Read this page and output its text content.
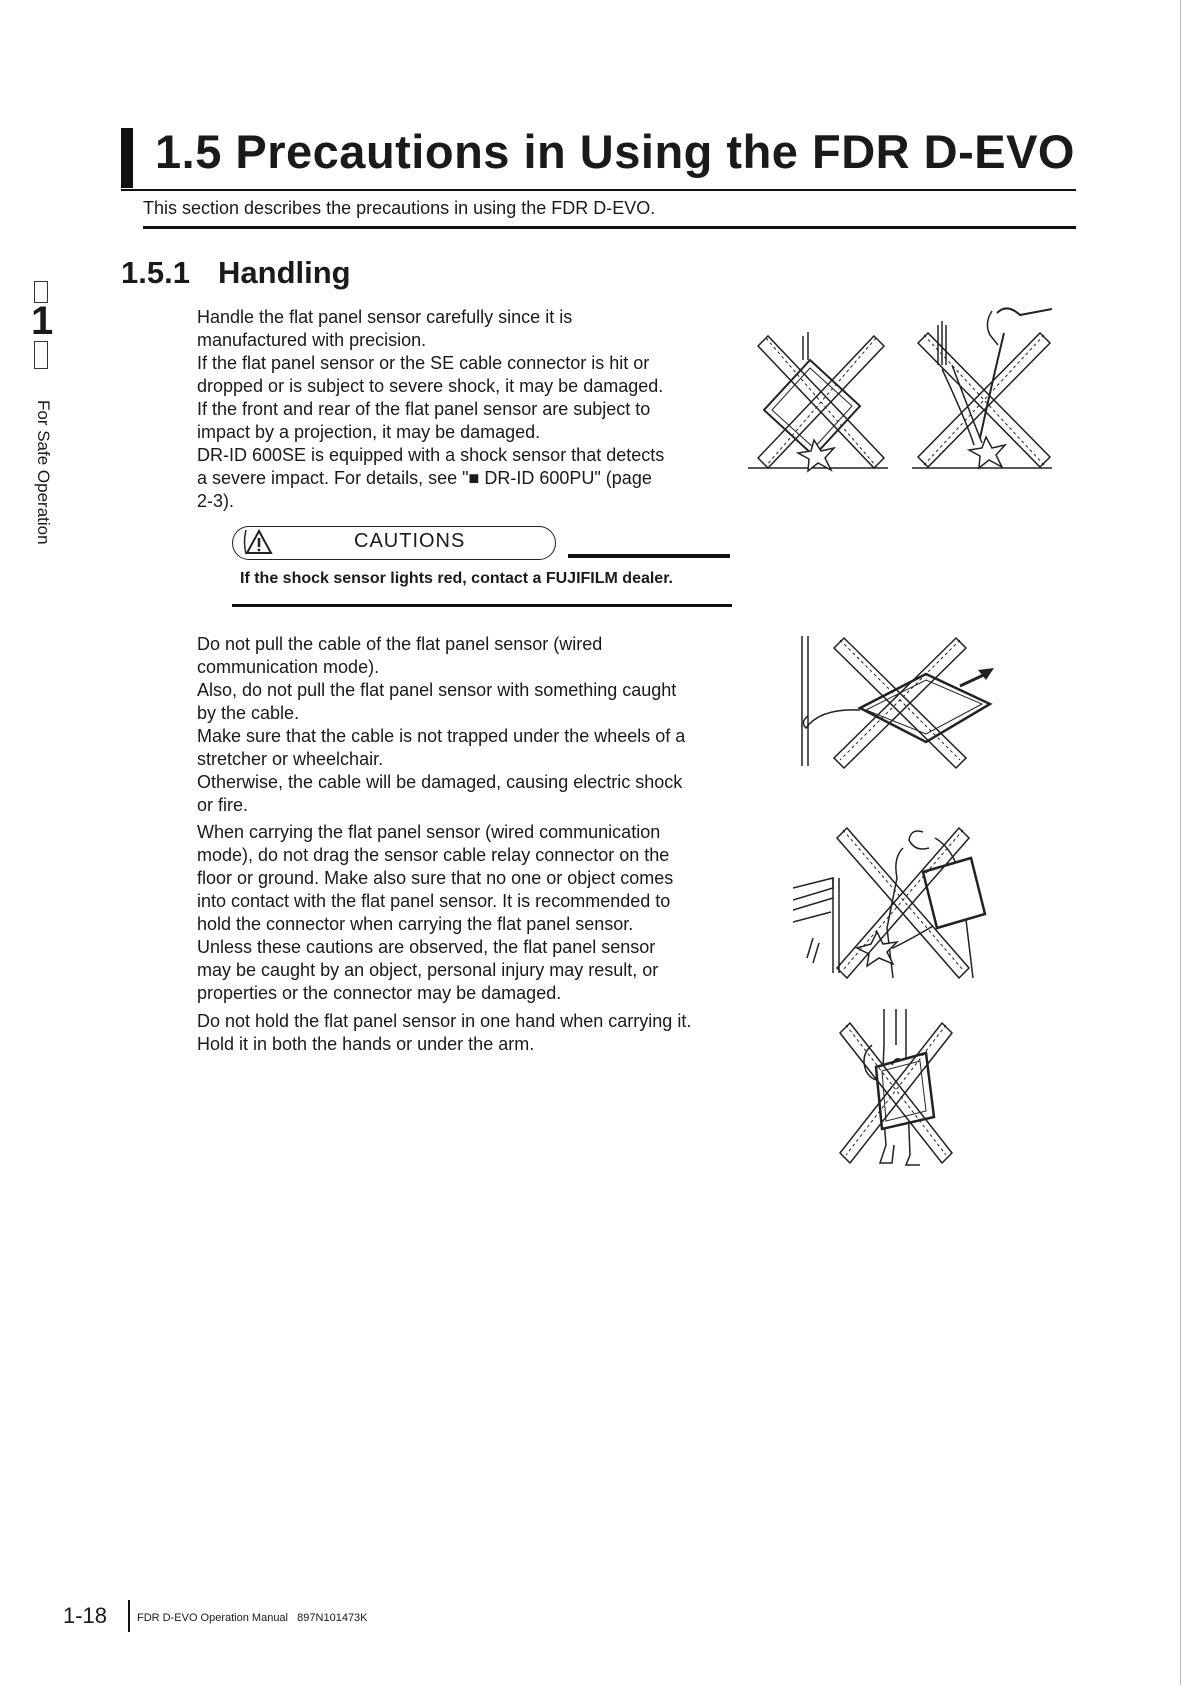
1.5 Precautions in Using the FDR D-EVO
This section describes the precautions in using the FDR D-EVO.
1.5.1 Handling
1
For Safe Operation
Handle the flat panel sensor carefully since it is
manufactured with precision.
If the flat panel sensor or the SE cable connector is hit or
dropped or is subject to severe shock, it may be damaged.
If the front and rear of the flat panel sensor are subject to
impact by a projection, it may be damaged.
DR-ID 600SE is equipped with a shock sensor that detects
a severe impact. For details, see "■ DR-ID 600PU" (page
2-3).
CAUTIONS
If the shock sensor lights red, contact a FUJIFILM dealer.
Do not pull the cable of the flat panel sensor (wired
communication mode).
Also, do not pull the flat panel sensor with something caught
by the cable.
Make sure that the cable is not trapped under the wheels of a
stretcher or wheelchair.
Otherwise, the cable will be damaged, causing electric shock
or fire.
When carrying the flat panel sensor (wired communication
mode), do not drag the sensor cable relay connector on the
floor or ground. Make also sure that no one or object comes
into contact with the flat panel sensor. It is recommended to
hold the connector when carrying the flat panel sensor.
Unless these cautions are observed, the flat panel sensor
may be caught by an object, personal injury may result, or
properties or the connector may be damaged.
Do not hold the flat panel sensor in one hand when carrying it.
Hold it in both the hands or under the arm.
1-18	FDR D-EVO Operation Manual 897N101473K
